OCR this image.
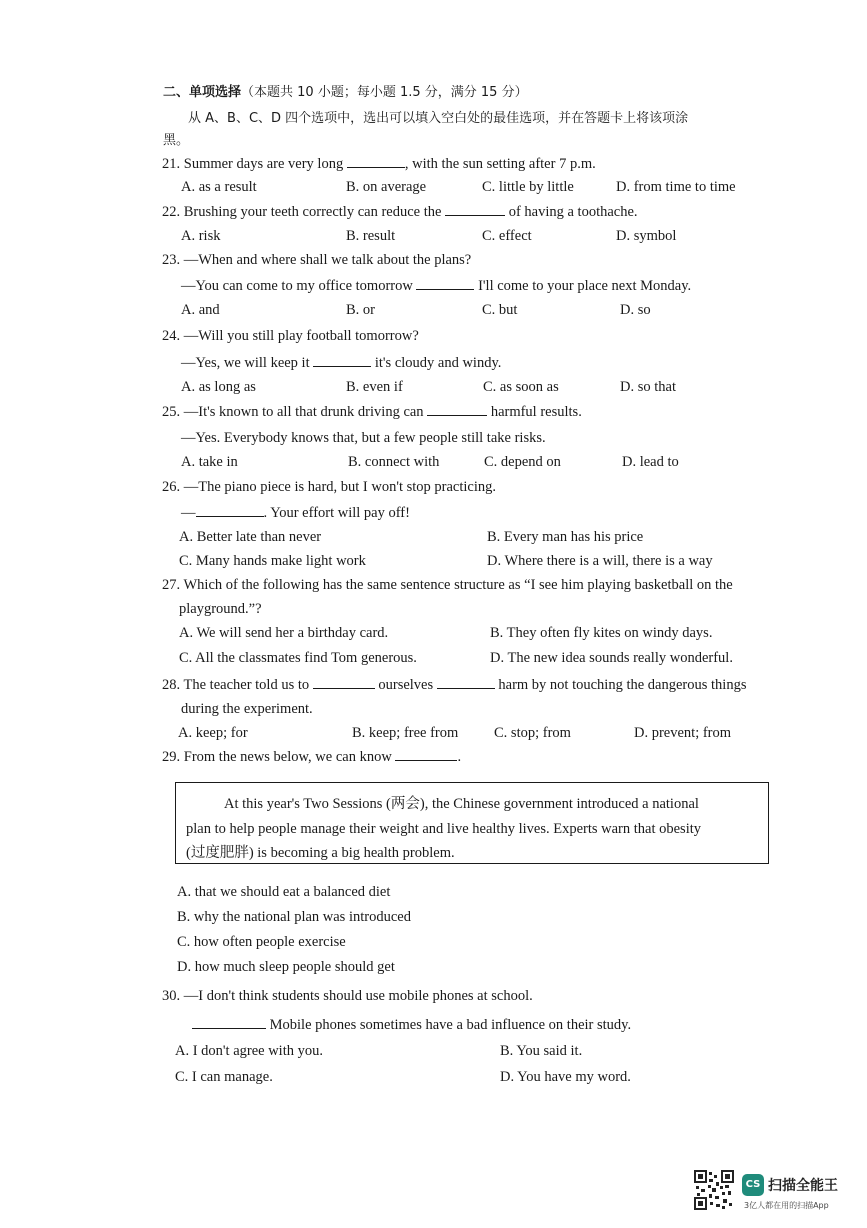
二、单项选择（本题共 10 小题；每小题 1.5 分，满分 15 分）
从 A、B、C、D 四个选项中，选出可以填入空白处的最佳选项，并在答题卡上将该项涂
黑。
21. Summer days are very long	, with the sun setting after 7 p.m.
A. as a result	B. on average	C. little by little	D. from time to time
22. Brushing your teeth correctly can reduce the	of having a toothache.
A. risk	B. result	C. effect	D. symbol
23. —When and where shall we talk about the plans?
—You can come to my office tomorrow	I'll come to your place next Monday.
A. and	B. or	C. but	D. so
24. —Will you still play football tomorrow?
—Yes, we will keep it	it's cloudy and windy.
A. as long as	B. even if	C. as soon as	D. so that
25. —It's known to all that drunk driving can	harmful results.
—Yes. Everybody knows that, but a few people still take risks.
A. take in	B. connect with	C. depend on	D. lead to
26. —The piano piece is hard, but I won't stop practicing.
—	. Your effort will pay off!
A. Better late than never	B. Every man has his price
C. Many hands make light work	D. Where there is a will, there is a way
27. Which of the following has the same sentence structure as “I see him playing basketball on the
playground.”?
A. We will send her a birthday card.	B. They often fly kites on windy days.
C. All the classmates find Tom generous.	D. The new idea sounds really wonderful.
28. The teacher told us to	ourselves	harm by not touching the dangerous things
during the experiment.
A. keep; for	B. keep; free from C. stop; from	D. prevent; from
29. From the news below, we can know	.
At this year's Two Sessions (两会), the Chinese government introduced a national
plan to help people manage their weight and live healthy lives. Experts warn that obesity
(过度肥胖) is becoming a big health problem.
A. that we should eat a balanced diet
B. why the national plan was introduced
C. how often people exercise
D. how much sleep people should get
30. —I don't think students should use mobile phones at school.
Mobile phones sometimes have a bad influence on their study.
A. I don't agree with you.	B. You said it.
C. I can manage.	D. You have my word.
CS 扫描全能王
3亿人都在用的扫描App
